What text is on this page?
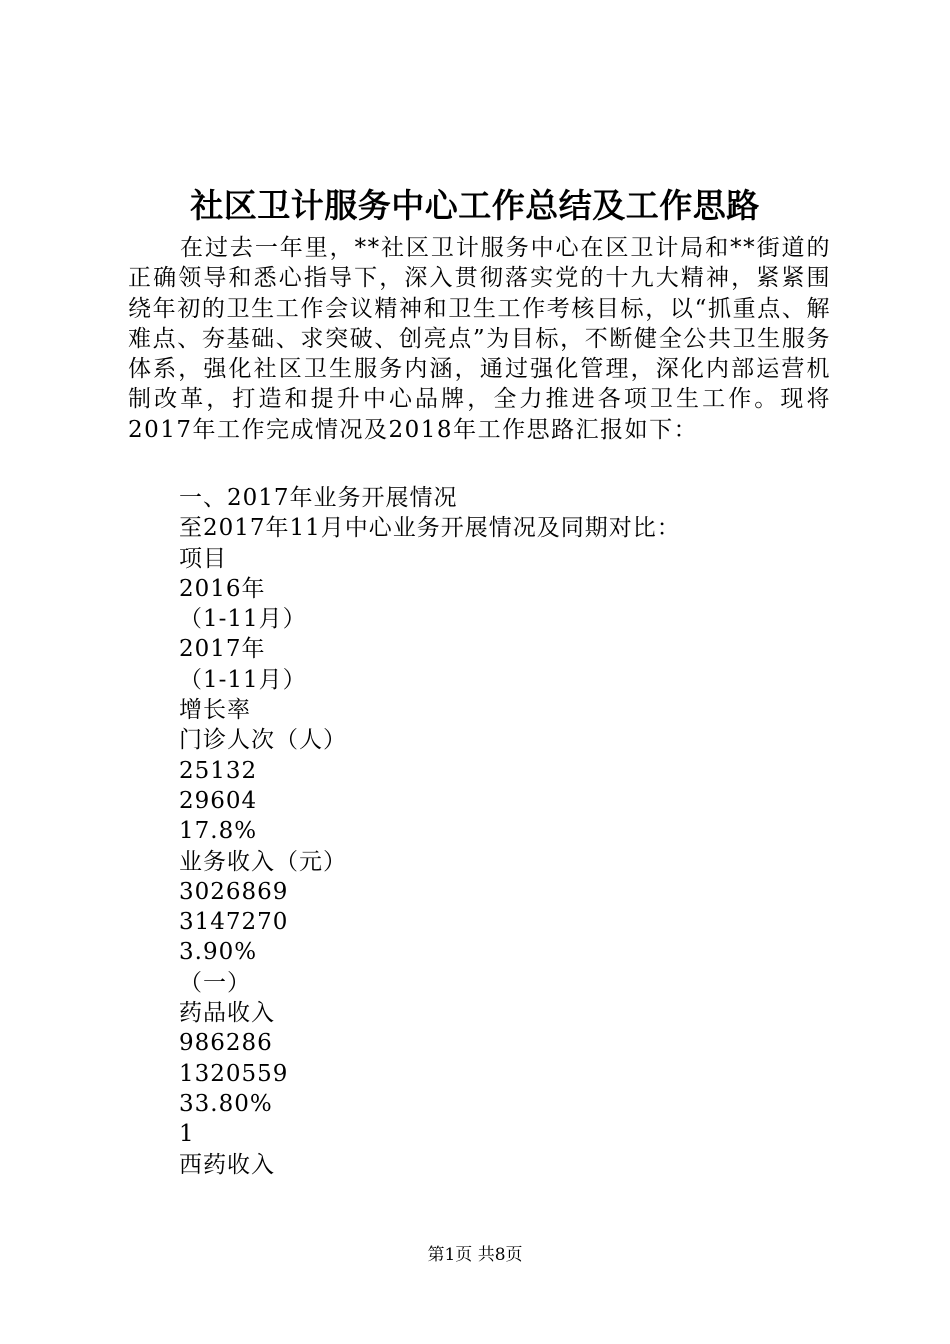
社区卫计服务中心工作总结及工作思路

在过去一年里，**社区卫计服务中心在区卫计局和**街道的正确领导和悉心指导下，深入贯彻落实党的十九大精神，紧紧围绕年初的卫生工作会议精神和卫生工作考核目标，以“抓重点、解难点、夯基础、求突破、创亮点”为目标，不断健全公共卫生服务体系，强化社区卫生服务内涵，通过强化管理，深化内部运营机制改革，打造和提升中心品牌，全力推进各项卫生工作。现将2017年工作完成情况及2018年工作思路汇报如下：

一、2017年业务开展情况
至2017年11月中心业务开展情况及同期对比：
项目
2016年
（1-11月）
2017年
（1-11月）
增长率
门诊人次（人）
25132
29604
17.8%
业务收入（元）
3026869
3147270
3.90%
（一）
药品收入
986286
1320559
33.80%
1
西药收入

第1页 共8页
